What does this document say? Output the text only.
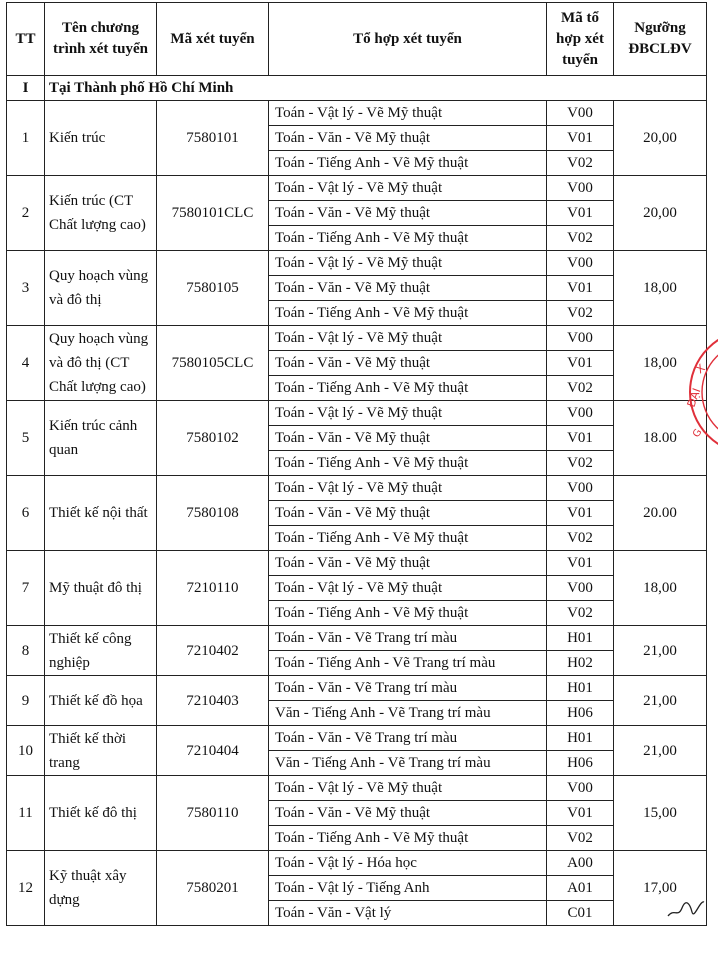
TT	Tên chương trình xét tuyển	Mã xét tuyển	Tổ hợp xét tuyển	Mã tổ hợp xét tuyển	Ngưỡng ĐBCLĐV
I	Tại Thành phố Hồ Chí Minh				
1	Kiến trúc	7580101	Toán - Vật lý - Vẽ Mỹ thuật	V00	20,00
			Toán - Văn - Vẽ Mỹ thuật	V01	
			Toán - Tiếng Anh - Vẽ Mỹ thuật	V02	
2	Kiến trúc (CT Chất lượng cao)	7580101CLC	Toán - Vật lý - Vẽ Mỹ thuật	V00	20,00
			Toán - Văn - Vẽ Mỹ thuật	V01	
			Toán - Tiếng Anh - Vẽ Mỹ thuật	V02	
3	Quy hoạch vùng và đô thị	7580105	Toán - Vật lý - Vẽ Mỹ thuật	V00	18,00
			Toán - Văn - Vẽ Mỹ thuật	V01	
			Toán - Tiếng Anh - Vẽ Mỹ thuật	V02	
4	Quy hoạch vùng và đô thị (CT Chất lượng cao)	7580105CLC	Toán - Vật lý - Vẽ Mỹ thuật	V00	18,00
			Toán - Văn - Vẽ Mỹ thuật	V01	
			Toán - Tiếng Anh - Vẽ Mỹ thuật	V02	
5	Kiến trúc cảnh quan	7580102	Toán - Vật lý - Vẽ Mỹ thuật	V00	18.00
			Toán - Văn - Vẽ Mỹ thuật	V01	
			Toán - Tiếng Anh - Vẽ Mỹ thuật	V02	
6	Thiết kế nội thất	7580108	Toán - Vật lý - Vẽ Mỹ thuật	V00	20.00
			Toán - Văn - Vẽ Mỹ thuật	V01	
			Toán - Tiếng Anh - Vẽ Mỹ thuật	V02	
7	Mỹ thuật đô thị	7210110	Toán - Văn - Vẽ Mỹ thuật	V01	18,00
			Toán - Vật lý - Vẽ Mỹ thuật	V00	
			Toán - Tiếng Anh - Vẽ Mỹ thuật	V02	
8	Thiết kế công nghiệp	7210402	Toán - Văn - Vẽ Trang trí màu	H01	21,00
			Toán - Tiếng Anh - Vẽ Trang trí màu	H02	
9	Thiết kế đồ họa	7210403	Toán - Văn - Vẽ Trang trí màu	H01	21,00
			Văn - Tiếng Anh - Vẽ Trang trí màu	H06	
10	Thiết kế thời trang	7210404	Toán - Văn - Vẽ Trang trí màu	H01	21,00
			Văn - Tiếng Anh - Vẽ Trang trí màu	H06	
11	Thiết kế đô thị	7580110	Toán - Vật lý - Vẽ Mỹ thuật	V00	15,00
			Toán - Văn - Vẽ Mỹ thuật	V01	
			Toán - Tiếng Anh - Vẽ Mỹ thuật	V02	
12	Kỹ thuật xây dựng	7580201	Toán - Vật lý - Hóa học	A00	17,00
			Toán - Vật lý - Tiếng Anh	A01	
			Toán - Văn - Vật lý	C01	
X
ĐẠI
G
